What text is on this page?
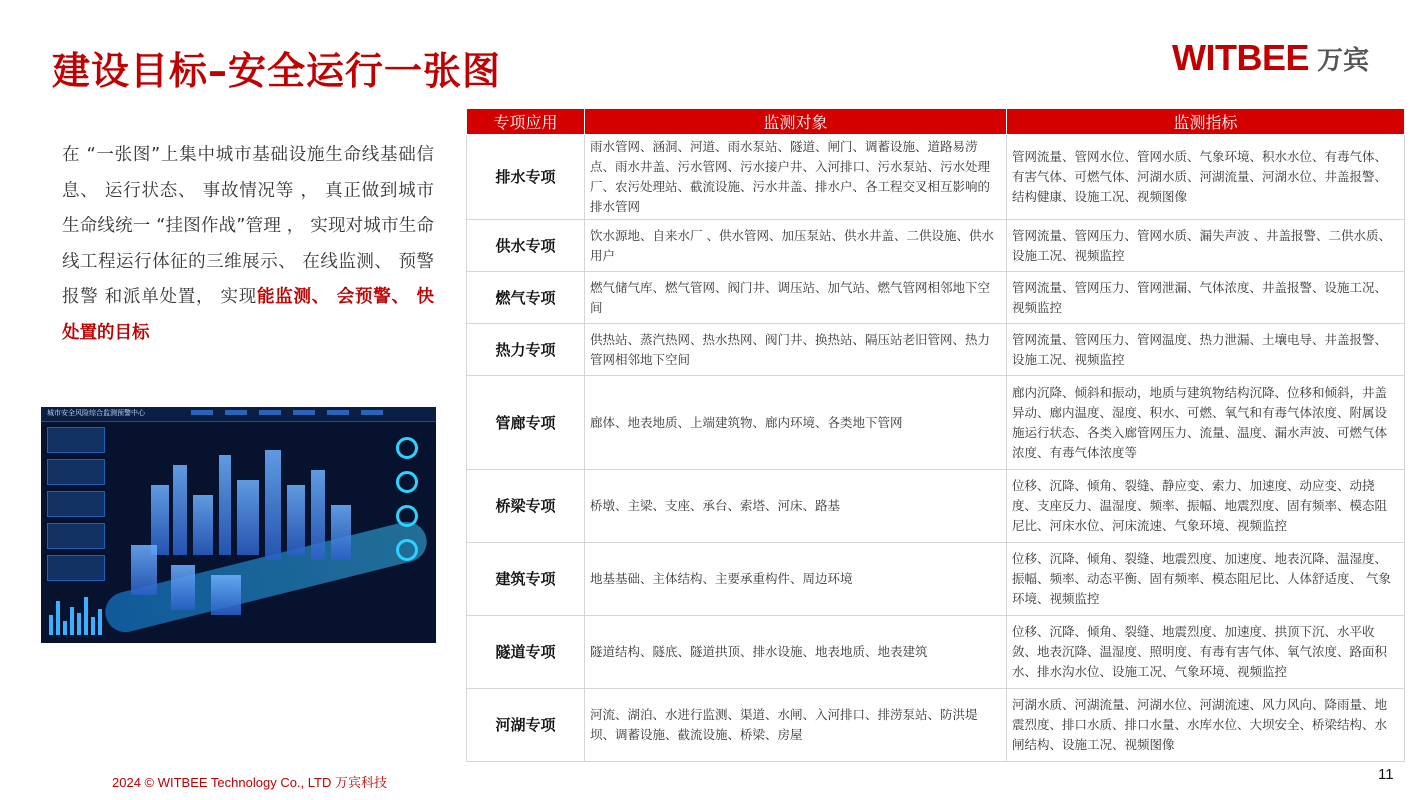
建设目标–安全运行一张图	WITBEE 万宾
在 “一张图”上集中城市基础设施生命线基础信息、 运行状态、 事故情况等 ， 真正做到城市生命线统一 “挂图作战”管理 ， 实现对城市生命线工程运行体征的三维展示、 在线监测、 预警报警 和派单处置， 实现能监测、 会预警、 快处置的目标
城市安全风险综合监测预警中心
专项应用	监测对象	监测指标
排水专项	雨水管网、涵洞、河道、雨水泵站、隧道、闸门、调蓄设施、道路易涝点、雨水井盖、污水管网、污水接户井、入河排口、污水泵站、污水处理厂、农污处理站、截流设施、污水井盖、排水户、各工程交叉相互影响的排水管网	管网流量、管网水位、管网水质、气象环境、积水水位、有毒气体、有害气体、可燃气体、河湖水质、河湖流量、河湖水位、井盖报警、结构健康、设施工况、视频图像
供水专项	饮水源地、自来水厂 、供水管网、加压泵站、供水井盖、二供设施、供水用户	管网流量、管网压力、管网水质、漏失声波 、井盖报警、二供水质、设施工况、视频监控
燃气专项	燃气储气库、燃气管网、阀门井、调压站、加气站、燃气管网相邻地下空间	管网流量、管网压力、管网泄漏、气体浓度、井盖报警、设施工况、视频监控
热力专项	供热站、蒸汽热网、热水热网、阀门井、换热站、隔压站老旧管网、热力管网相邻地下空间	管网流量、管网压力、管网温度、热力泄漏、土壤电导、井盖报警、设施工况、视频监控
管廊专项	廊体、地表地质、上端建筑物、廊内环境、各类地下管网	廊内沉降、倾斜和振动，地质与建筑物结构沉降、位移和倾斜，井盖异动、廊内温度、湿度、积水、可燃、氧气和有毒气体浓度、附属设施运行状态、各类入廊管网压力、流量、温度、漏水声波、可燃气体浓度、有毒气体浓度等
桥梁专项	桥墩、主梁、支座、承台、索塔、河床、路基	位移、沉降、倾角、裂缝、静应变、索力、加速度、动应变、动挠度、支座反力、温湿度、频率、振幅、地震烈度、固有频率、模态阻尼比、河床水位、河床流速、气象环境、视频监控
建筑专项	地基基础、主体结构、主要承重构件、周边环境	位移、沉降、倾角、裂缝、地震烈度、加速度、地表沉降、温湿度、振幅、频率、动态平衡、固有频率、模态阻尼比、人体舒适度、 气象环境、视频监控
隧道专项	隧道结构、隧底、隧道拱顶、排水设施、地表地质、地表建筑	位移、沉降、倾角、裂缝、地震烈度、加速度、拱顶下沉、水平收敛、地表沉降、温湿度、照明度、有毒有害气体、氧气浓度、路面积水、排水沟水位、设施工况、气象环境、视频监控
河湖专项	河流、湖泊、水进行监测、渠道、水闸、入河排口、排涝泵站、防洪堤坝、调蓄设施、截流设施、桥梁、房屋	河湖水质、河湖流量、河湖水位、河湖流速、风力风向、降雨量、地震烈度、排口水质、排口水量、水库水位、大坝安全、桥梁结构、水闸结构、设施工况、视频图像
2024 © WITBEE Technology Co., LTD 万宾科技	11
